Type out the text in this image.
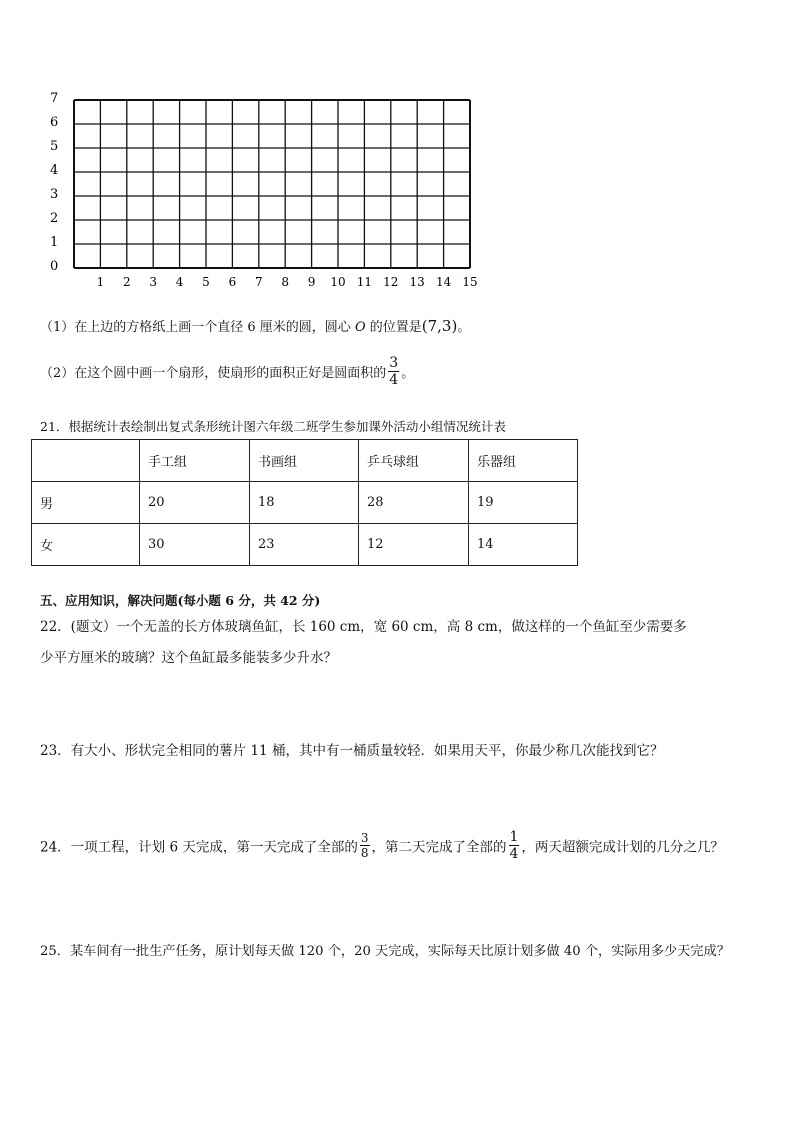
0
1
2
3
4
5
6
7
1 2 3 4 5 6 7 8 9 10 11 12 13 14 15
（1）在上边的方格纸上画一个直径 6 厘米的圆，圆心 O 的位置是(7,3)。
（2）在这个圆中画一个扇形，使扇形的面积正好是圆面积的 $\frac{3}{4}$ 。
21．根据统计表绘制出复式条形统计图六年级二班学生参加课外活动小组情况统计表
	手工组	书画组	乒乓球组	乐器组
男	20	18	28	19
女	30	23	12	14
五、应用知识，解决问题(每小题 6 分，共 42 分)
22．(题文）一个无盖的长方体玻璃鱼缸，长 160 cm，宽 60 cm，高 8 cm，做这样的一个鱼缸至少需要多
少平方厘米的玻璃？这个鱼缸最多能装多少升水？
23．有大小、形状完全相同的薯片 11 桶，其中有一桶质量较轻．如果用天平，你最少称几次能找到它？
24．一项工程，计划 6 天完成，第一天完成了全部的 $\frac{3}{8}$ ，第二天完成了全部的 $\frac{1}{4}$ ，两天超额完成计划的几分之几？
25．某车间有一批生产任务，原计划每天做 120 个，20 天完成，实际每天比原计划多做 40 个，实际用多少天完成？
